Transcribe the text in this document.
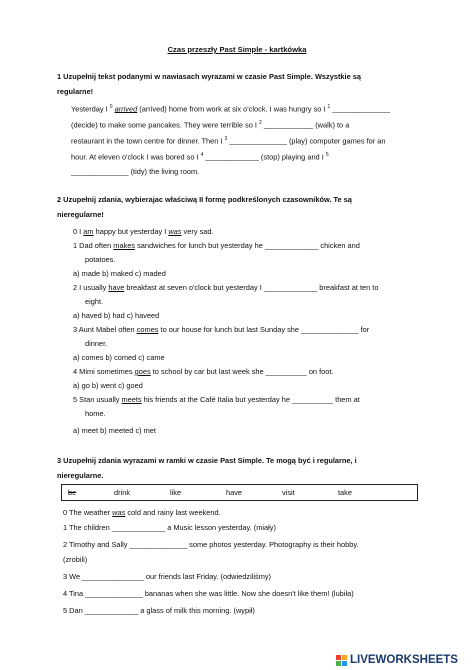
Czas przeszły Past Simple - kartkówka
1 Uzupełnij tekst podanymi w nawiasach wyrazami w czasie Past Simple. Wszystkie są
regularne!
Yesterday I $^0$ arrived (arrived) home from work at six o'clock. I was hungry so I $^1$ ______________
(decide) to make some pancakes. They were terrible so I $^2$ ____________ (walk) to a
restaurant in the town centre for dinner. Then I $^3$ ______________ (play) computer games for an
hour. At eleven o'clock I was bored so I $^4$ _____________ (stop) playing and I $^5$
______________ (tidy) the living room.
2 Uzupełnij zdania, wybierajac właściwą II formę podkreślonych czasowników. Te są
nieregularne!
0 I am happy but yesterday I was very sad.
1 Dad often makes sandwiches for lunch but yesterday he _____________ chicken and
potatoes.
a) made b) maked c) maded
2 I usually have breakfast at seven o'clock but yesterday I _____________ breakfast at ten to
eight.
a) haved b) had c) haveed
3 Aunt Mabel often comes to our house for lunch but last Sunday she ______________ for
dinner.
a) comes b) comed c) came
4 Mimi sometimes goes to school by car but last week she __________ on foot.
a) go b) went c) goed
5 Stan usually meets his friends at the Café Italia but yesterday he __________ them at
home.
a) meet b) meeted c) met
3 Uzupełnij zdania wyrazami w ramki w czasie Past Simple. Te mogą być i regularne, i
nieregularne.
be	drink	like	have	visit	take
0 The weather was cold and rainy last weekend.
1 The children _____________ a Music lesson yesterday. (miały)
2 Timothy and Sally ______________ some photos yesterday. Photography is their hobby.
(zrobili)
3 We _______________ our friends last Friday. (odwiedziliśmy)
4 Tina ______________ bananas when she was little. Now she doesn't like them! (lubiła)
5 Dan _____________ a glass of milk this morning. (wypił)
LIVEWORKSHEETS
